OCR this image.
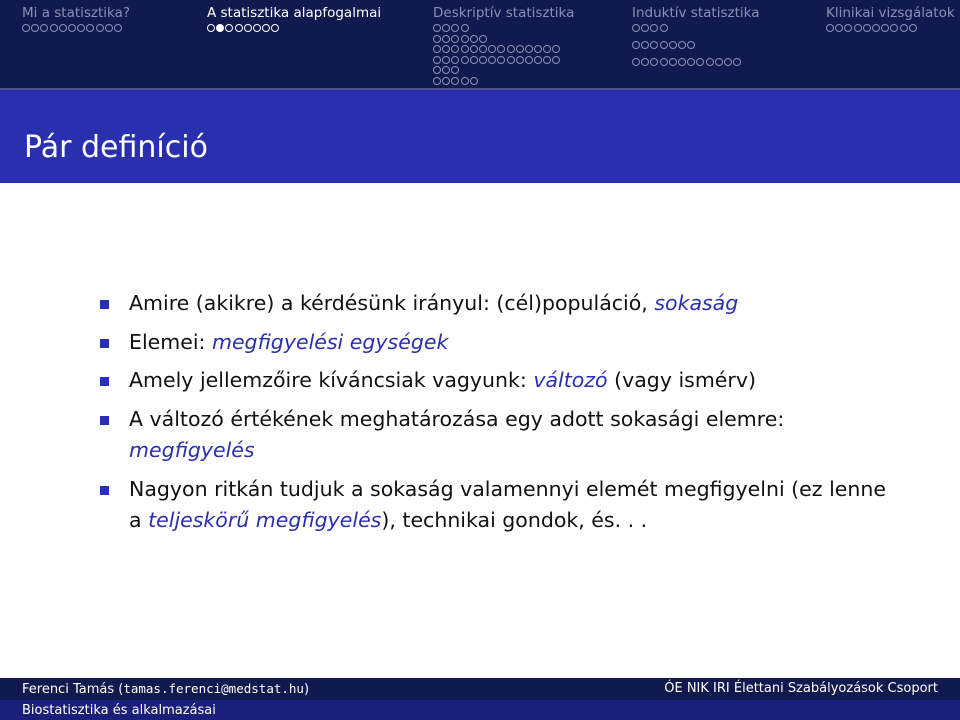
Mi a statisztika?	A statisztika alapfogalmai	Deskriptív statisztika	Induktív statisztika	Klinikai vizsgálatok
Pár definíció
Amire (akikre) a kérdésünk irányul: (cél)populáció, sokaság
Elemei: megfigyelési egységek
Amely jellemzőire kíváncsiak vagyunk: változó (vagy ismérv)
A változó értékének meghatározása egy adott sokasági elemre: megfigyelés
Nagyon ritkán tudjuk a sokaság valamennyi elemét megfigyelni (ez lenne a teljeskörű megfigyelés), technikai gondok, és. . .
Ferenci Tamás (tamas.ferenci@medstat.hu)	ÓE NIK IRI Élettani Szabályozások Csoport
Biostatisztika és alkalmazásai
